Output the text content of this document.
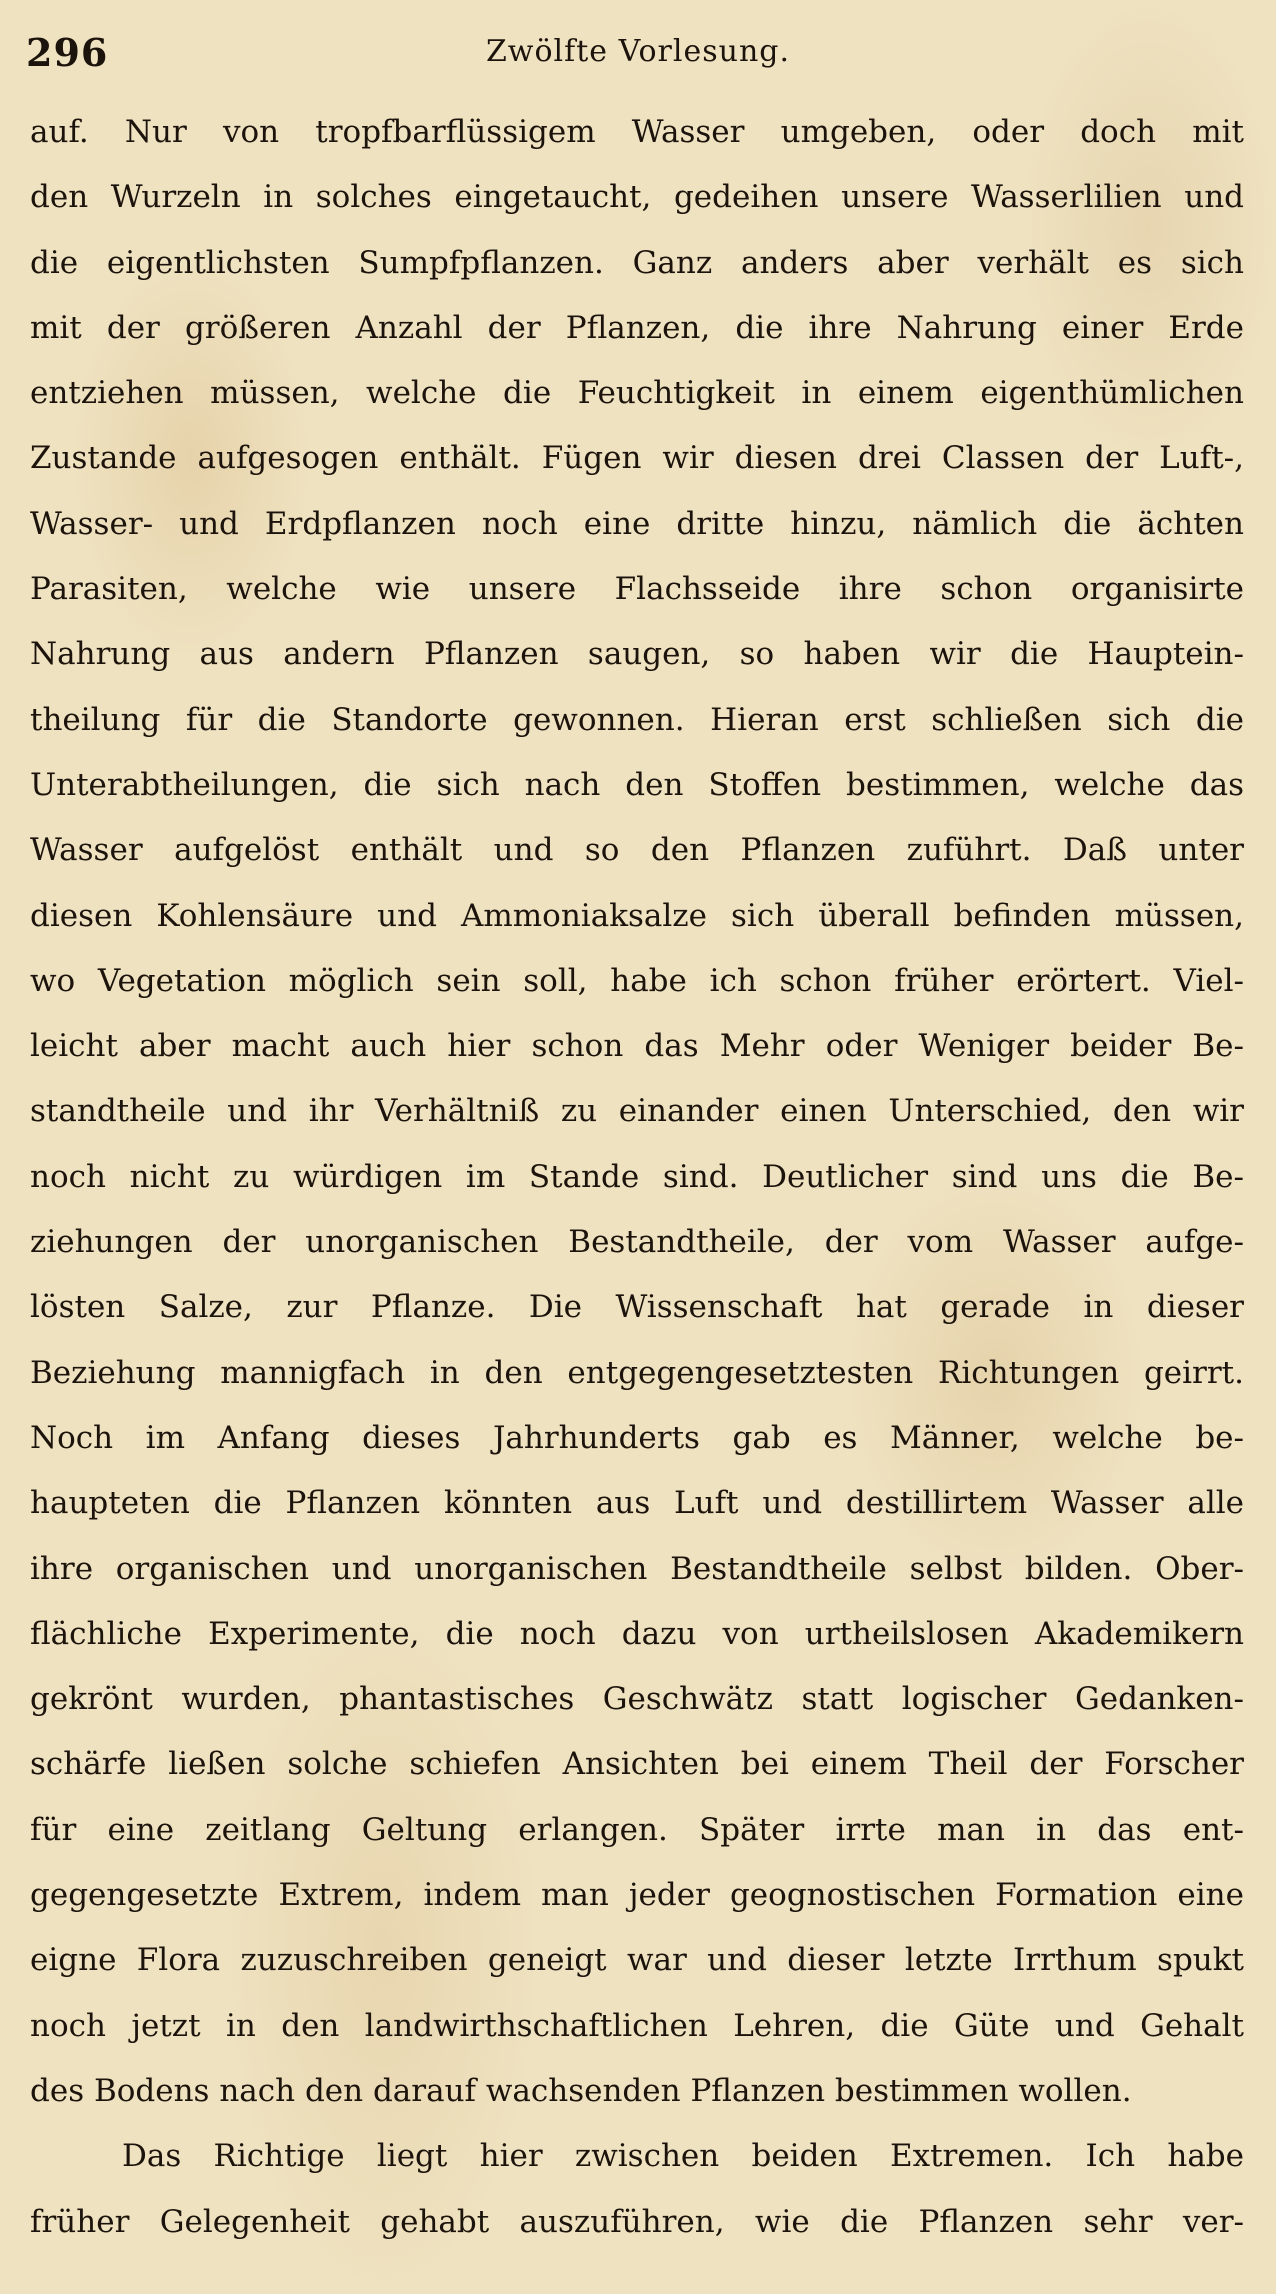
296	Zwölfte Vorlesung.
auf. Nur von tropfbarflüssigem Wasser umgeben, oder doch mit
den Wurzeln in solches eingetaucht, gedeihen unsere Wasserlilien und
die eigentlichsten Sumpfpflanzen. Ganz anders aber verhält es sich
mit der größeren Anzahl der Pflanzen, die ihre Nahrung einer Erde
entziehen müssen, welche die Feuchtigkeit in einem eigenthümlichen
Zustande aufgesogen enthält. Fügen wir diesen drei Classen der Luft-,
Wasser- und Erdpflanzen noch eine dritte hinzu, nämlich die ächten
Parasiten, welche wie unsere Flachsseide ihre schon organisirte
Nahrung aus andern Pflanzen saugen, so haben wir die Hauptein-
theilung für die Standorte gewonnen. Hieran erst schließen sich die
Unterabtheilungen, die sich nach den Stoffen bestimmen, welche das
Wasser aufgelöst enthält und so den Pflanzen zuführt. Daß unter
diesen Kohlensäure und Ammoniaksalze sich überall befinden müssen,
wo Vegetation möglich sein soll, habe ich schon früher erörtert. Viel-
leicht aber macht auch hier schon das Mehr oder Weniger beider Be-
standtheile und ihr Verhältniß zu einander einen Unterschied, den wir
noch nicht zu würdigen im Stande sind. Deutlicher sind uns die Be-
ziehungen der unorganischen Bestandtheile, der vom Wasser aufge-
lösten Salze, zur Pflanze. Die Wissenschaft hat gerade in dieser
Beziehung mannigfach in den entgegengesetztesten Richtungen geirrt.
Noch im Anfang dieses Jahrhunderts gab es Männer, welche be-
haupteten die Pflanzen könnten aus Luft und destillirtem Wasser alle
ihre organischen und unorganischen Bestandtheile selbst bilden. Ober-
flächliche Experimente, die noch dazu von urtheilslosen Akademikern
gekrönt wurden, phantastisches Geschwätz statt logischer Gedanken-
schärfe ließen solche schiefen Ansichten bei einem Theil der Forscher
für eine zeitlang Geltung erlangen. Später irrte man in das ent-
gegengesetzte Extrem, indem man jeder geognostischen Formation eine
eigne Flora zuzuschreiben geneigt war und dieser letzte Irrthum spukt
noch jetzt in den landwirthschaftlichen Lehren, die Güte und Gehalt
des Bodens nach den darauf wachsenden Pflanzen bestimmen wollen.
Das Richtige liegt hier zwischen beiden Extremen. Ich habe
früher Gelegenheit gehabt auszuführen, wie die Pflanzen sehr ver-
